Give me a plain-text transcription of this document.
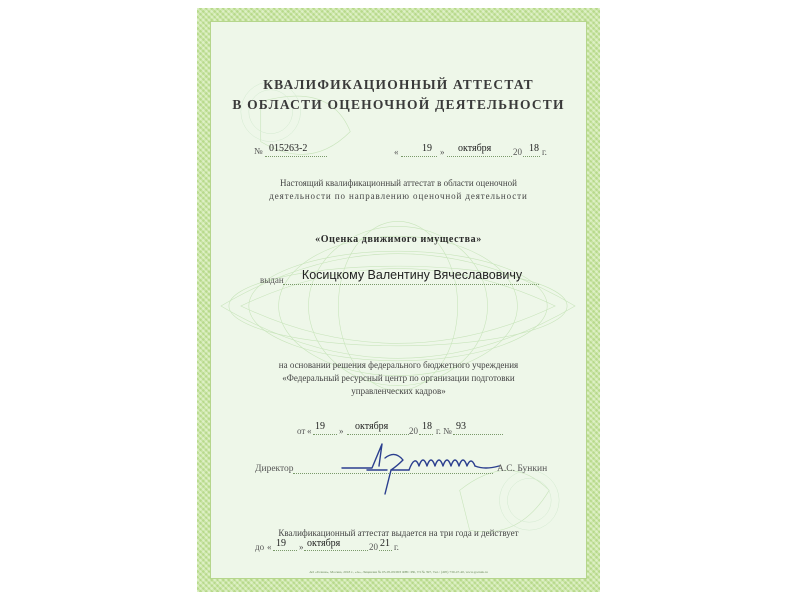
КВАЛИФИКАЦИОННЫЙ АТТЕСТАТ
В ОБЛАСТИ ОЦЕНОЧНОЙ ДЕЯТЕЛЬНОСТИ
№ 015263-2	« 19 » октября 20 18 г.
Настоящий квалификационный аттестат в области оценочной
деятельности по направлению оценочной деятельности
«Оценка движимого имущества»
выдан	Косицкому Валентину Вячеславовичу
на основании решения федерального бюджетного учреждения
«Федеральный ресурсный центр по организации подготовки
управленческих кадров»
от « 19 » октября 20 18 г. № 93
Директор	А.С. Бункин
Квалификационный аттестат выдается на три года и действует
до « 19 » октября	20 21 г.
АО «Гознак», Москва, 2018 г., «А», Лицензия № 05-05-09/003 ФНС РФ, ТЗ № 397, Тел.: (495) 730-47-40, www.goznak.ru
